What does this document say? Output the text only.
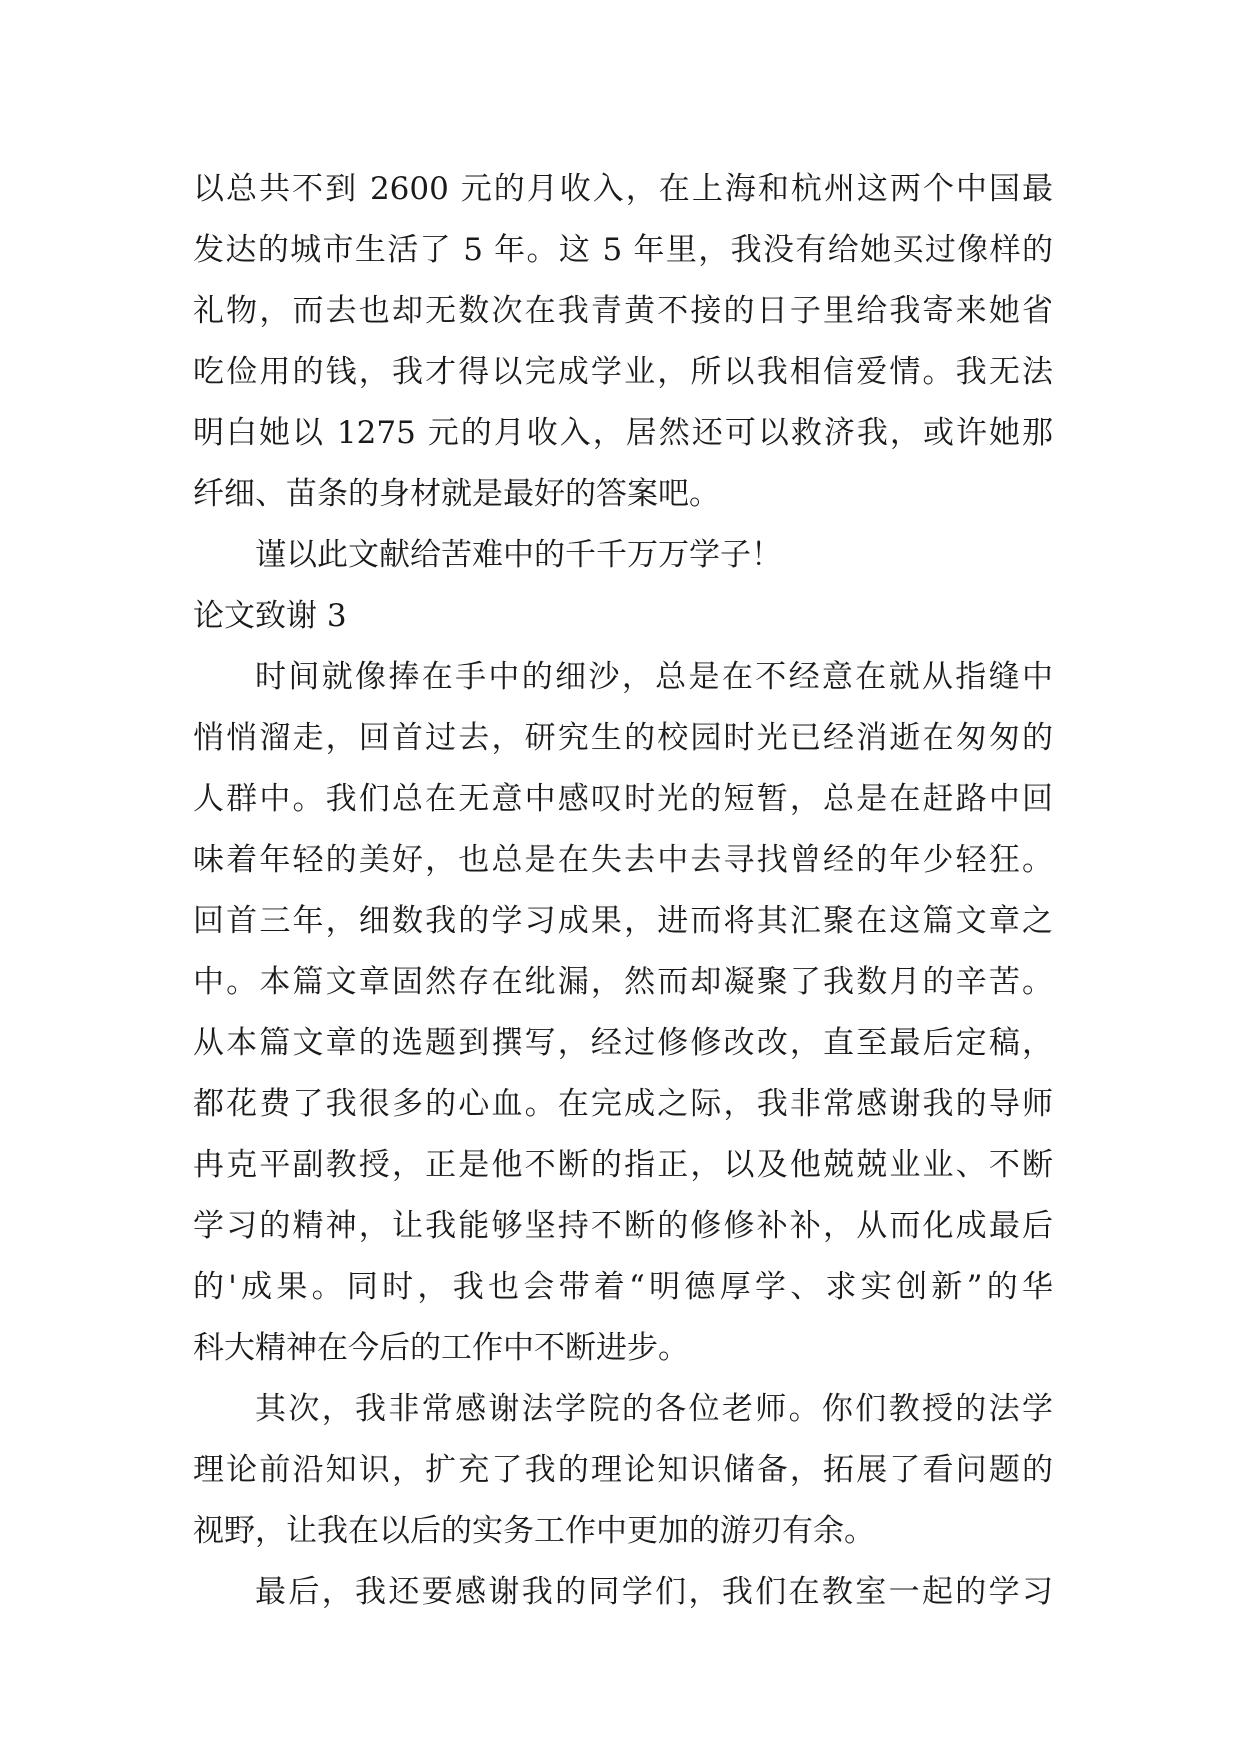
以总共不到 2600 元的月收入，在上海和杭州这两个中国最
发达的城市生活了 5 年。这 5 年里，我没有给她买过像样的
礼物，而去也却无数次在我青黄不接的日子里给我寄来她省
吃俭用的钱，我才得以完成学业，所以我相信爱情。我无法
明白她以 1275 元的月收入，居然还可以救济我，或许她那
纤细、苗条的身材就是最好的答案吧。
谨以此文献给苦难中的千千万万学子！
论文致谢 3
时间就像捧在手中的细沙，总是在不经意在就从指缝中
悄悄溜走，回首过去，研究生的校园时光已经消逝在匆匆的
人群中。我们总在无意中感叹时光的短暂，总是在赶路中回
味着年轻的美好，也总是在失去中去寻找曾经的年少轻狂。
回首三年，细数我的学习成果，进而将其汇聚在这篇文章之
中。本篇文章固然存在纰漏，然而却凝聚了我数月的辛苦。
从本篇文章的选题到撰写，经过修修改改，直至最后定稿，
都花费了我很多的心血。在完成之际，我非常感谢我的导师
冉克平副教授，正是他不断的指正，以及他兢兢业业、不断
学习的精神，让我能够坚持不断的修修补补，从而化成最后
的'成果。同时，我也会带着“明德厚学、求实创新”的华
科大精神在今后的工作中不断进步。
其次，我非常感谢法学院的各位老师。你们教授的法学
理论前沿知识，扩充了我的理论知识储备，拓展了看问题的
视野，让我在以后的实务工作中更加的游刃有余。
最后，我还要感谢我的同学们，我们在教室一起的学习
